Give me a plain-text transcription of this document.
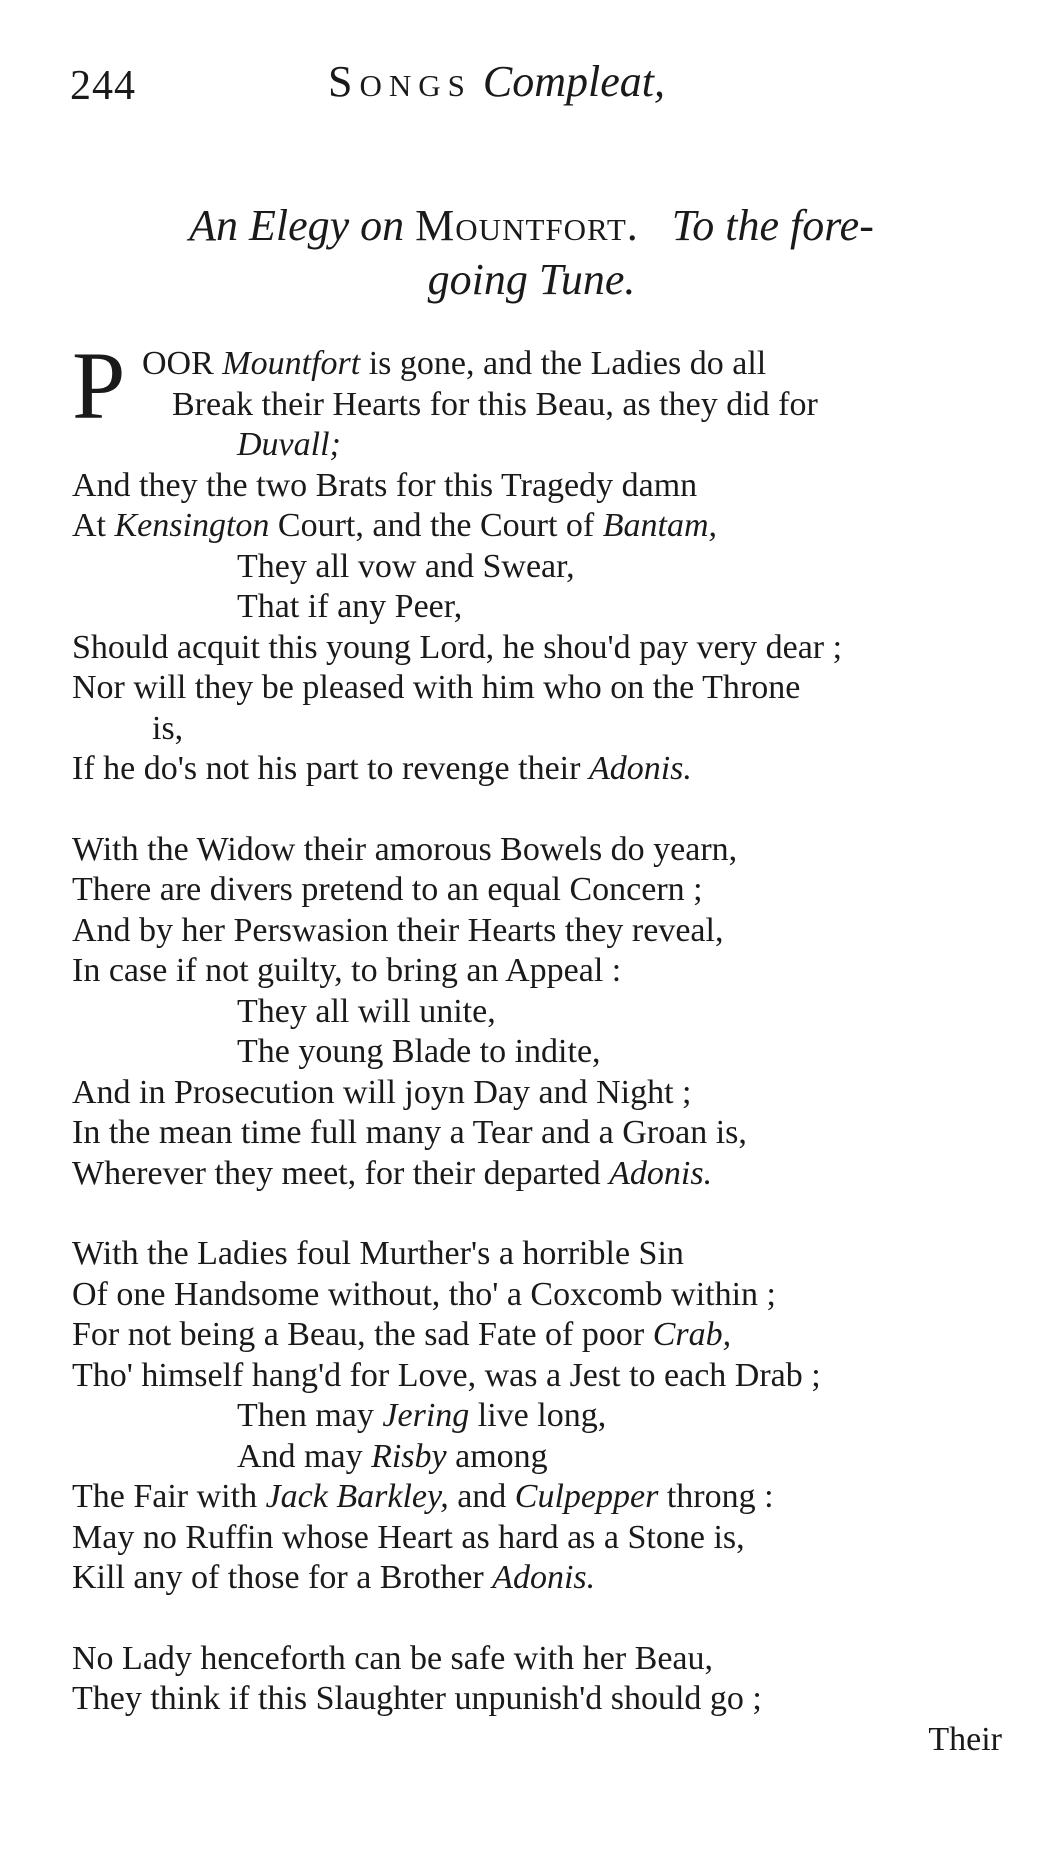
244	Songs Compleat,
An Elegy on Mountfort. To the fore-
going Tune.
P OOR Mountfort is gone, and the Ladies do all
Break their Hearts for this Beau, as they did for
Duvall;
And they the two Brats for this Tragedy damn
At Kensington Court, and the Court of Bantam,
They all vow and Swear,
That if any Peer,
Should acquit this young Lord, he shou'd pay very dear ;
Nor will they be pleased with him who on the Throne
is,
If he do's not his part to revenge their Adonis.
With the Widow their amorous Bowels do yearn,
There are divers pretend to an equal Concern ;
And by her Perswasion their Hearts they reveal,
In case if not guilty, to bring an Appeal :
They all will unite,
The young Blade to indite,
And in Prosecution will joyn Day and Night ;
In the mean time full many a Tear and a Groan is,
Wherever they meet, for their departed Adonis.
With the Ladies foul Murther's a horrible Sin
Of one Handsome without, tho' a Coxcomb within ;
For not being a Beau, the sad Fate of poor Crab,
Tho' himself hang'd for Love, was a Jest to each Drab ;
Then may Jering live long,
And may Risby among
The Fair with Jack Barkley, and Culpepper throng :
May no Ruffin whose Heart as hard as a Stone is,
Kill any of those for a Brother Adonis.
No Lady henceforth can be safe with her Beau,
They think if this Slaughter unpunish'd should go ;
Their
